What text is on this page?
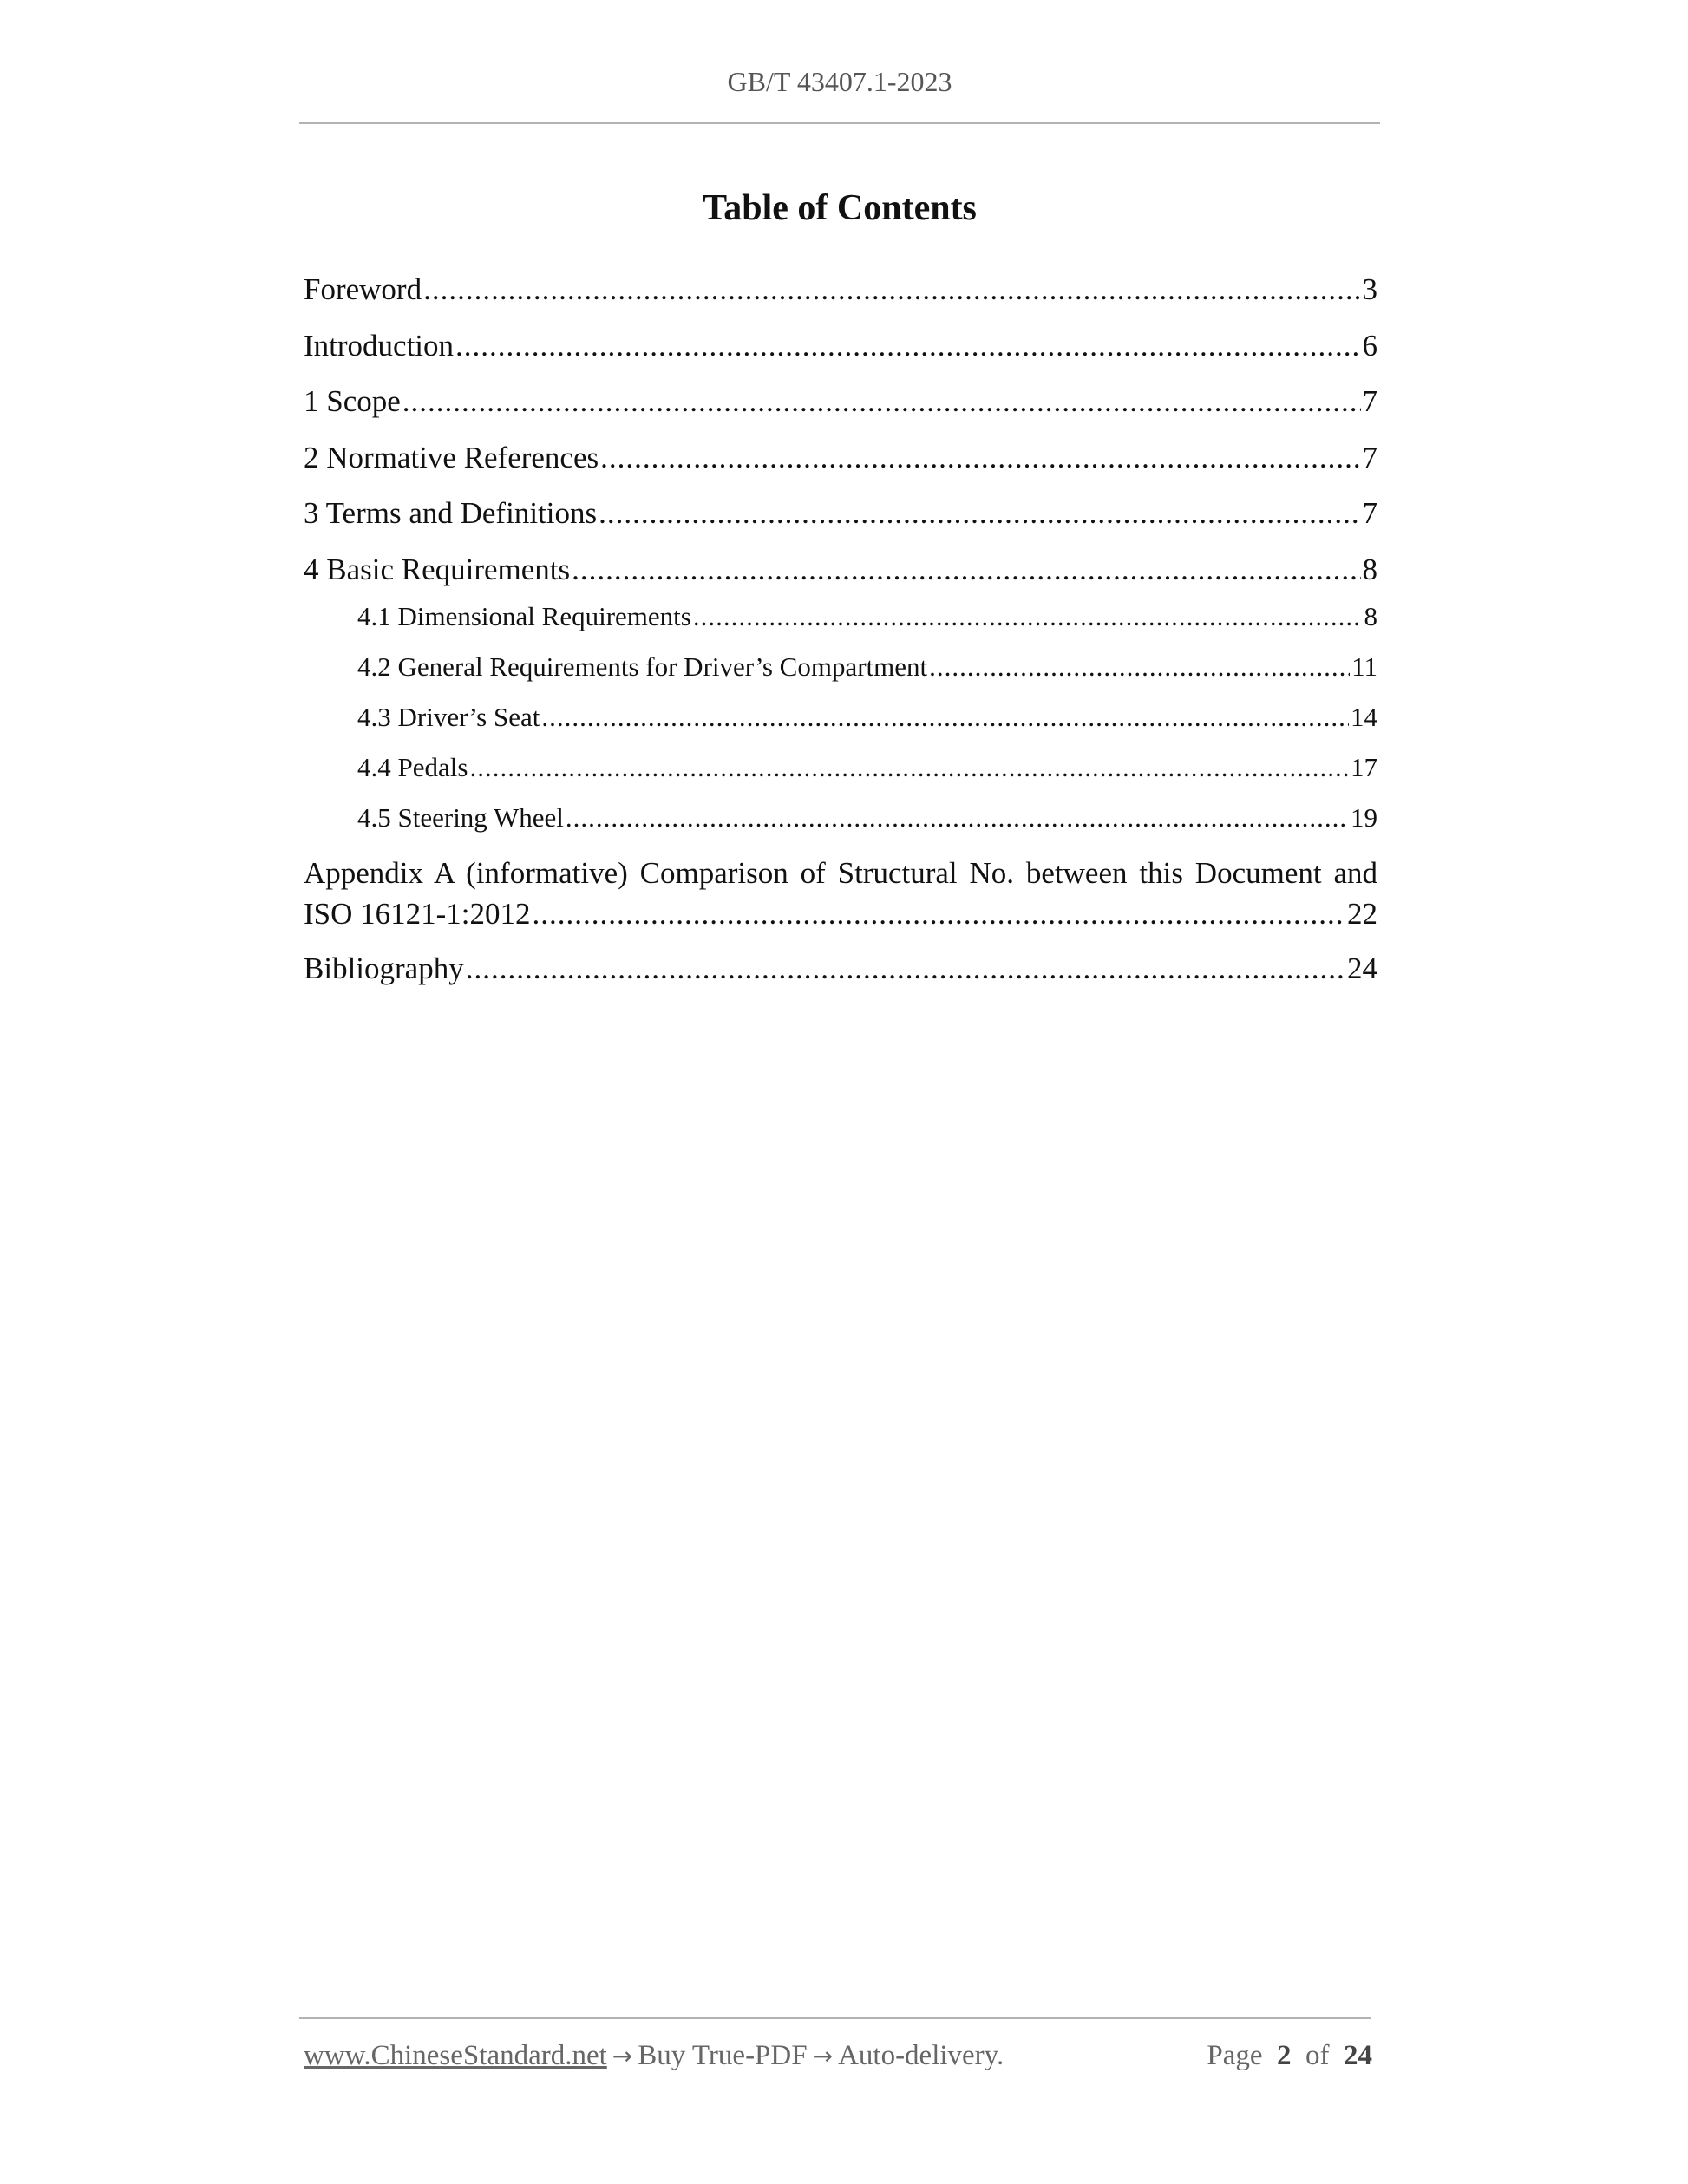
GB/T 43407.1-2023
Table of Contents
Foreword .....	3
Introduction .....	6
1 Scope .....	7
2 Normative References .....	7
3 Terms and Definitions .....	7
4 Basic Requirements .....	8
4.1 Dimensional Requirements .....	8
4.2 General Requirements for Driver’s Compartment .....	11
4.3 Driver’s Seat .....	14
4.4 Pedals .....	17
4.5 Steering Wheel .....	19
Appendix A (informative) Comparison of Structural No. between this Document and
ISO 16121-1:2012 .....	22
Bibliography .....	24
www.ChineseStandard.net → Buy True-PDF → Auto-delivery.	Page 2 of 24
